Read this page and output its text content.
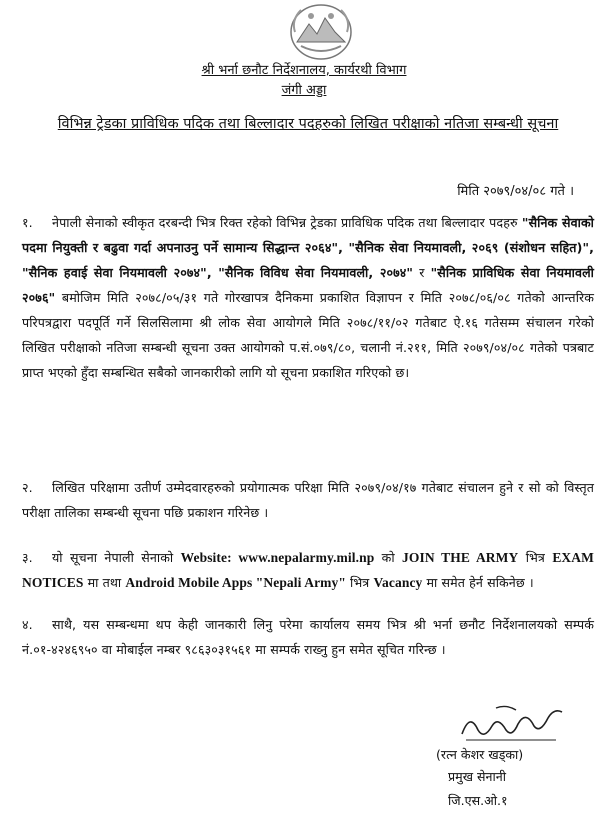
श्री भर्ना छनौट निर्देशनालय, कार्यरथी विभाग
जंगी अड्डा
विभिन्न ट्रेडका प्राविधिक पदिक तथा बिल्लादार पदहरुको लिखित परीक्षाको नतिजा सम्बन्धी सूचना
मिति २०७९/०४/०८ गते ।
१. नेपाली सेनाको स्वीकृत दरबन्दी भित्र रिक्त रहेको विभिन्न ट्रेडका प्राविधिक पदिक तथा बिल्लादार पदहरु "सैनिक सेवाको पदमा नियुक्ती र बढुवा गर्दा अपनाउनु पर्ने सामान्य सिद्धान्त २०६४", "सैनिक सेवा नियमावली, २०६९ (संशोधन सहित)", "सैनिक हवाई सेवा नियमावली २०७४", "सैनिक विविध सेवा नियमावली, २०७४" र "सैनिक प्राविधिक सेवा नियमावली २०७६" बमोजिम मिति २०७८/०५/३१ गते गोरखापत्र दैनिकमा प्रकाशित विज्ञापन र मिति २०७८/०६/०८ गतेको आन्तरिक परिपत्रद्वारा पदपूर्ति गर्ने सिलसिलामा श्री लोक सेवा आयोगले मिति २०७८/११/०२ गतेबाट ऐ.१६ गतेसम्म संचालन गरेको लिखित परीक्षाको नतिजा सम्बन्धी सूचना उक्त आयोगको प.सं.०७९/८०, चलानी नं.२११, मिति २०७९/०४/०८ गतेको पत्रबाट प्राप्त भएको हुँदा सम्बन्धित सबैको जानकारीको लागि यो सूचना प्रकाशित गरिएको छ।
२. लिखित परिक्षामा उतीर्ण उम्मेदवारहरुको प्रयोगात्मक परिक्षा मिति २०७९/०४/१७ गतेबाट संचालन हुने र सो को विस्तृत परीक्षा तालिका सम्बन्धी सूचना पछि प्रकाशन गरिनेछ ।
३. यो सूचना नेपाली सेनाको Website: www.nepalarmy.mil.np को JOIN THE ARMY भित्र EXAM NOTICES मा तथा Android Mobile Apps "Nepali Army" भित्र Vacancy मा समेत हेर्न सकिनेछ ।
४. साथै, यस सम्बन्धमा थप केही जानकारी लिनु परेमा कार्यालय समय भित्र श्री भर्ना छनौट निर्देशनालयको सम्पर्क नं.०१-४२४६९५० वा मोबाईल नम्बर ९८६३०३१५६१ मा सम्पर्क राख्नु हुन समेत सूचित गरिन्छ ।
(रत्न केशर खड्का)
प्रमुख सेनानी
जि.एस.ओ.१
